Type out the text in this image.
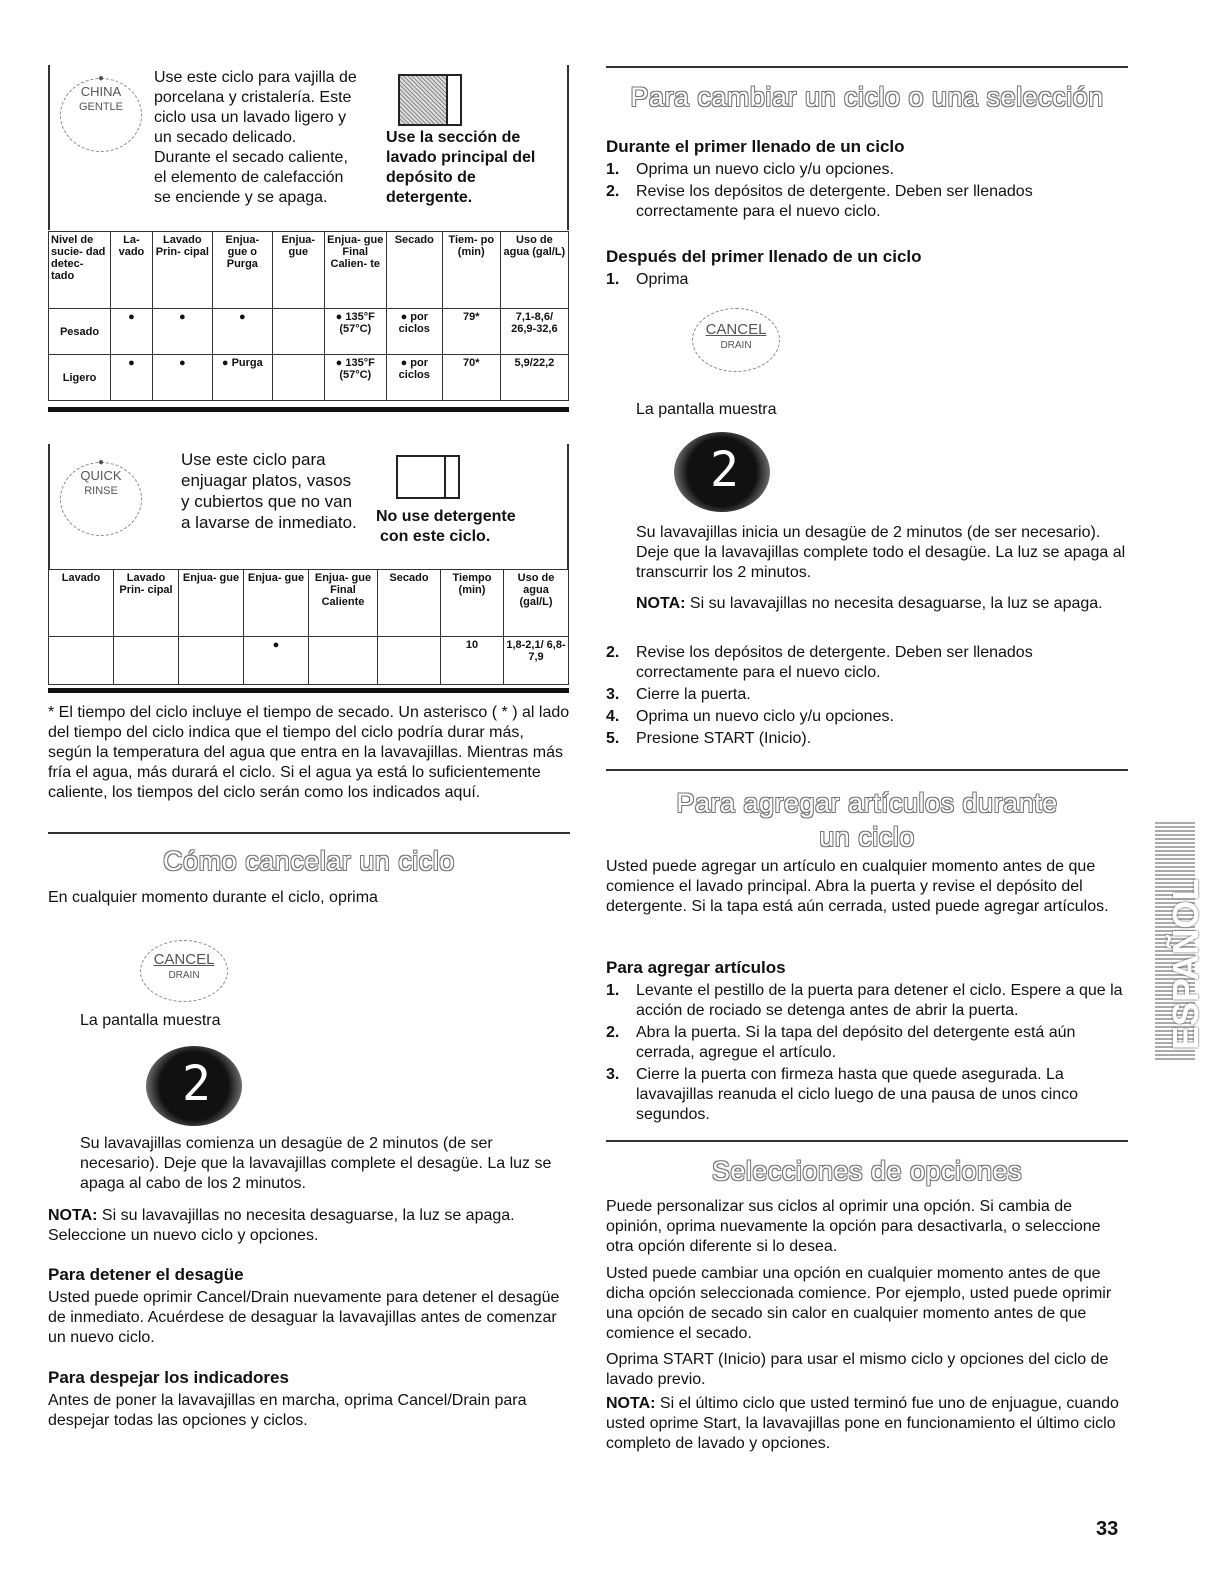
●
CHINA
GENTLE
Use este ciclo para vajilla de
porcelana y cristalería. Este
ciclo usa un lavado ligero y
un secado delicado.
Durante el secado caliente,
el elemento de calefacción
se enciende y se apaga.
Use la sección de
lavado principal del
depósito de
detergente.
Nivel de sucie- dad detec- tado	La- vado	Lavado Prin- cipal	Enjua- gue o Purga	Enjua- gue	Enjua- gue Final Calien- te	Secado	Tiem- po (min)	Uso de agua (gal/L)
Pesado	●	●	●		● 135°F (57°C)	● por ciclos	79*	7,1-8,6/ 26,9-32,6
Ligero	●	●	● Purga		● 135°F (57°C)	● por ciclos	70*	5,9/22,2
●
QUICK
RINSE
Use este ciclo para
enjuagar platos, vasos
y cubiertos que no van
a lavarse de inmediato.	No use detergente
con este ciclo.
Lavado	Lavado Prin- cipal	Enjua- gue	Enjua- gue	Enjua- gue Final Caliente	Secado	Tiempo (min)	Uso de agua (gal/L)
			●			10	1,8-2,1/ 6,8-7,9
* El tiempo del ciclo incluye el tiempo de secado. Un asterisco ( * ) al lado del tiempo del ciclo indica que el tiempo del ciclo podría durar más, según la temperatura del agua que entra en la lavavajillas. Mientras más fría el agua, más durará el ciclo. Si el agua ya está lo suficientemente caliente, los tiempos del ciclo serán como los indicados aquí.
Cómo cancelar un ciclo
En cualquier momento durante el ciclo, oprima
CANCEL
DRAIN
La pantalla muestra
2
Su lavavajillas comienza un desagüe de 2 minutos (de ser necesario). Deje que la lavavajillas complete el desagüe. La luz se apaga al cabo de los 2 minutos.
NOTA: Si su lavavajillas no necesita desaguarse, la luz se apaga. Seleccione un nuevo ciclo y opciones.
Para detener el desagüe
Usted puede oprimir Cancel/Drain nuevamente para detener el desagüe de inmediato. Acuérdese de desaguar la lavavajillas antes de comenzar un nuevo ciclo.
Para despejar los indicadores
Antes de poner la lavavajillas en marcha, oprima Cancel/Drain para despejar todas las opciones y ciclos.
Para cambiar un ciclo o una selección
Durante el primer llenado de un ciclo
1. Oprima un nuevo ciclo y/u opciones.
2. Revise los depósitos de detergente. Deben ser llenados correctamente para el nuevo ciclo.
Después del primer llenado de un ciclo
1. Oprima
CANCEL
DRAIN
La pantalla muestra
2
Su lavavajillas inicia un desagüe de 2 minutos (de ser necesario). Deje que la lavavajillas complete todo el desagüe. La luz se apaga al transcurrir los 2 minutos.
NOTA: Si su lavavajillas no necesita desaguarse, la luz se apaga.
2. Revise los depósitos de detergente. Deben ser llenados correctamente para el nuevo ciclo.
3. Cierre la puerta.
4. Oprima un nuevo ciclo y/u opciones.
5. Presione START (Inicio).
Para agregar artículos durante
un ciclo
Usted puede agregar un artículo en cualquier momento antes de que comience el lavado principal. Abra la puerta y revise el depósito del detergente. Si la tapa está aún cerrada, usted puede agregar artículos.
Para agregar artículos
1. Levante el pestillo de la puerta para detener el ciclo. Espere a que la acción de rociado se detenga antes de abrir la puerta.
2. Abra la puerta. Si la tapa del depósito del detergente está aún cerrada, agregue el artículo.
3. Cierre la puerta con firmeza hasta que quede asegurada. La lavavajillas reanuda el ciclo luego de una pausa de unos cinco segundos.
Selecciones de opciones
Puede personalizar sus ciclos al oprimir una opción. Si cambia de opinión, oprima nuevamente la opción para desactivarla, o seleccione otra opción diferente si lo desea.
Usted puede cambiar una opción en cualquier momento antes de que dicha opción seleccionada comience. Por ejemplo, usted puede oprimir una opción de secado sin calor en cualquier momento antes de que comience el secado.
Oprima START (Inicio) para usar el mismo ciclo y opciones del ciclo de lavado previo.
NOTA: Si el último ciclo que usted terminó fue uno de enjuague, cuando usted oprime Start, la lavavajillas pone en funcionamiento el último ciclo completo de lavado y opciones.
ESPAÑOL
33
